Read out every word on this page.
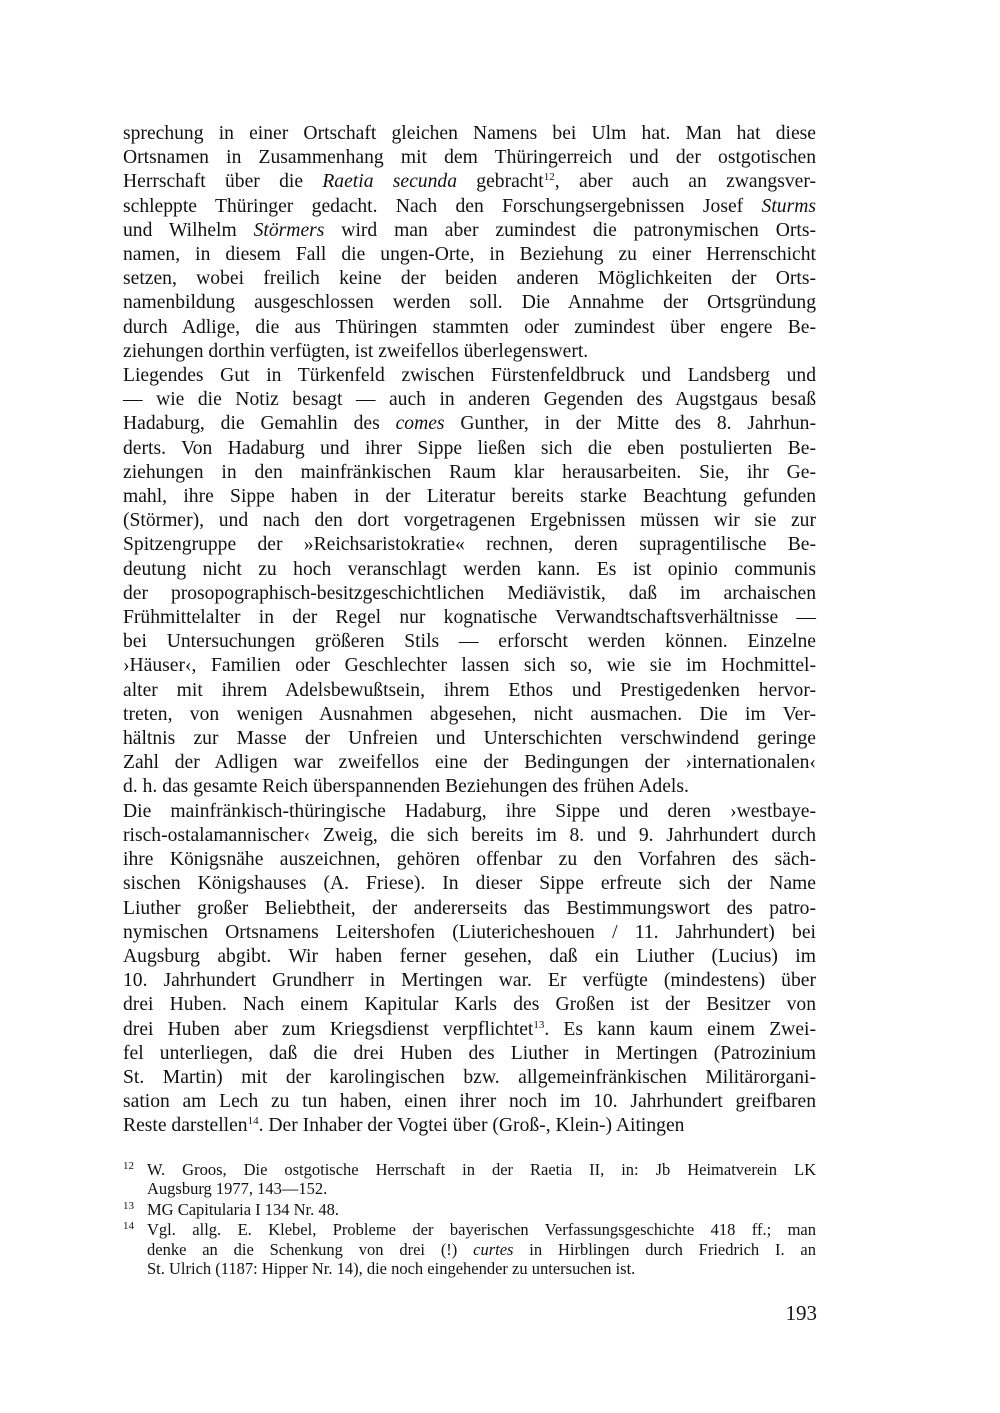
sprechung in einer Ortschaft gleichen Namens bei Ulm hat. Man hat diese
Ortsnamen in Zusammenhang mit dem Thüringerreich und der ostgotischen
Herrschaft über die Raetia secunda gebracht$^{12}$, aber auch an zwangsver-
schleppte Thüringer gedacht. Nach den Forschungsergebnissen Josef Sturms
und Wilhelm Störmers wird man aber zumindest die patronymischen Orts-
namen, in diesem Fall die ungen-Orte, in Beziehung zu einer Herrenschicht
setzen, wobei freilich keine der beiden anderen Möglichkeiten der Orts-
namenbildung ausgeschlossen werden soll. Die Annahme der Ortsgründung
durch Adlige, die aus Thüringen stammten oder zumindest über engere Be-
ziehungen dorthin verfügten, ist zweifellos überlegenswert.
Liegendes Gut in Türkenfeld zwischen Fürstenfeldbruck und Landsberg und
— wie die Notiz besagt — auch in anderen Gegenden des Augstgaus besaß
Hadaburg, die Gemahlin des comes Gunther, in der Mitte des 8. Jahrhun-
derts. Von Hadaburg und ihrer Sippe ließen sich die eben postulierten Be-
ziehungen in den mainfränkischen Raum klar herausarbeiten. Sie, ihr Ge-
mahl, ihre Sippe haben in der Literatur bereits starke Beachtung gefunden
(Störmer), und nach den dort vorgetragenen Ergebnissen müssen wir sie zur
Spitzengruppe der »Reichsaristokratie« rechnen, deren supragentilische Be-
deutung nicht zu hoch veranschlagt werden kann. Es ist opinio communis
der prosopographisch-besitzgeschichtlichen Mediävistik, daß im archaischen
Frühmittelalter in der Regel nur kognatische Verwandtschaftsverhältnisse —
bei Untersuchungen größeren Stils — erforscht werden können. Einzelne
›Häuser‹, Familien oder Geschlechter lassen sich so, wie sie im Hochmittel-
alter mit ihrem Adelsbewußtsein, ihrem Ethos und Prestigedenken hervor-
treten, von wenigen Ausnahmen abgesehen, nicht ausmachen. Die im Ver-
hältnis zur Masse der Unfreien und Unterschichten verschwindend geringe
Zahl der Adligen war zweifellos eine der Bedingungen der ›internationalen‹
d. h. das gesamte Reich überspannenden Beziehungen des frühen Adels.
Die mainfränkisch-thüringische Hadaburg, ihre Sippe und deren ›westbaye-
risch-ostalamannischer‹ Zweig, die sich bereits im 8. und 9. Jahrhundert durch
ihre Königsnähe auszeichnen, gehören offenbar zu den Vorfahren des säch-
sischen Königshauses (A. Friese). In dieser Sippe erfreute sich der Name
Liuther großer Beliebtheit, der andererseits das Bestimmungswort des patro-
nymischen Ortsnamens Leitershofen (Liutericheshouen / 11. Jahrhundert) bei
Augsburg abgibt. Wir haben ferner gesehen, daß ein Liuther (Lucius) im
10. Jahrhundert Grundherr in Mertingen war. Er verfügte (mindestens) über
drei Huben. Nach einem Kapitular Karls des Großen ist der Besitzer von
drei Huben aber zum Kriegsdienst verpflichtet$^{13}$. Es kann kaum einem Zwei-
fel unterliegen, daß die drei Huben des Liuther in Mertingen (Patrozinium
St. Martin) mit der karolingischen bzw. allgemeinfränkischen Militärorgani-
sation am Lech zu tun haben, einen ihrer noch im 10. Jahrhundert greifbaren
Reste darstellen$^{14}$. Der Inhaber der Vogtei über (Groß-, Klein-) Aitingen
12 W. Groos, Die ostgotische Herrschaft in der Raetia II, in: Jb Heimatverein LK
Augsburg 1977, 143—152.
13 MG Capitularia I 134 Nr. 48.
14 Vgl. allg. E. Klebel, Probleme der bayerischen Verfassungsgeschichte 418 ff.; man
denke an die Schenkung von drei (!) curtes in Hirblingen durch Friedrich I. an
St. Ulrich (1187: Hipper Nr. 14), die noch eingehender zu untersuchen ist.
193
